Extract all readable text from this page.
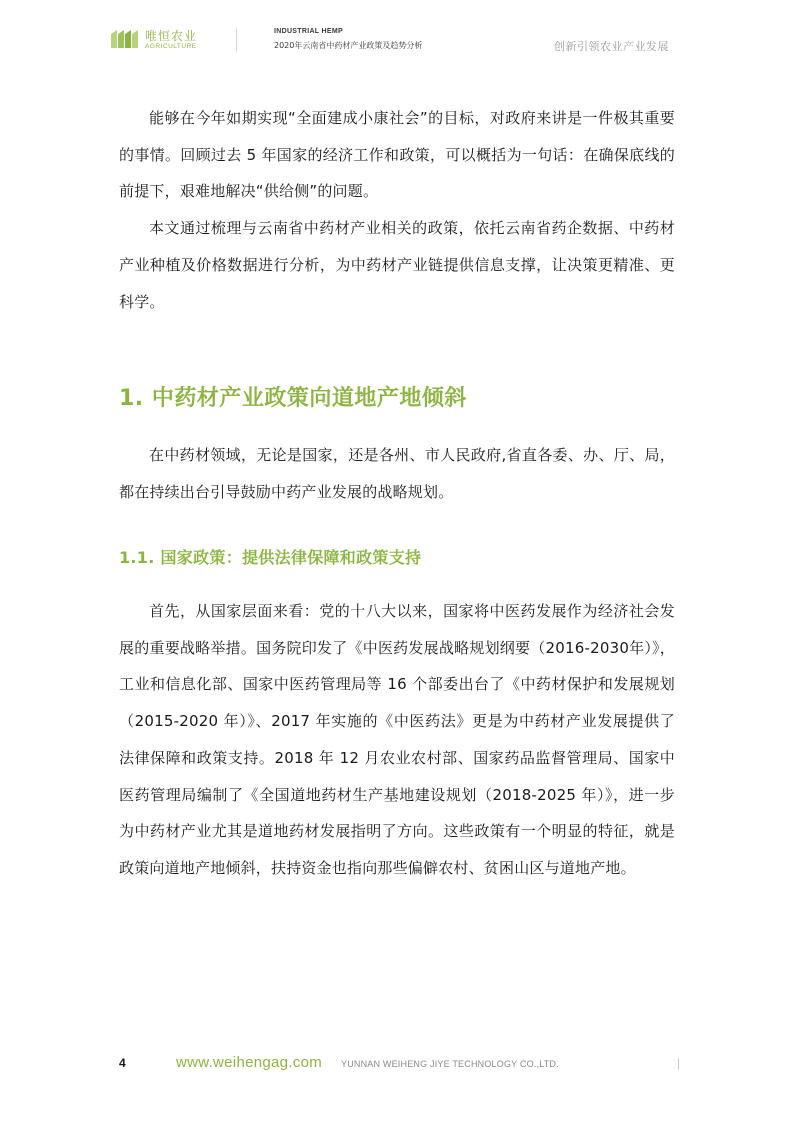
唯恒农业
AGRICULTURE
INDUSTRIAL HEMP
2020年云南省中药材产业政策及趋势分析	创新引领农业产业发展

能够在今年如期实现“全面建成小康社会”的目标，对政府来讲是一件极其重要的事情。回顾过去 5 年国家的经济工作和政策，可以概括为一句话：在确保底线的前提下，艰难地解决“供给侧”的问题。

本文通过梳理与云南省中药材产业相关的政策，依托云南省药企数据、中药材产业种植及价格数据进行分析，为中药材产业链提供信息支撑，让决策更精准、更科学。

1. 中药材产业政策向道地产地倾斜

在中药材领域，无论是国家，还是各州、市人民政府,省直各委、办、厅、局，都在持续出台引导鼓励中药产业发展的战略规划。

1.1. 国家政策：提供法律保障和政策支持

首先，从国家层面来看：党的十八大以来，国家将中医药发展作为经济社会发展的重要战略举措。国务院印发了《中医药发展战略规划纲要（2016-2030年）》，工业和信息化部、国家中医药管理局等 16 个部委出台了《中药材保护和发展规划（2015-2020 年）》、2017 年实施的《中医药法》更是为中药材产业发展提供了法律保障和政策支持。2018 年 12 月农业农村部、国家药品监督管理局、国家中医药管理局编制了《全国道地药材生产基地建设规划（2018-2025 年）》，进一步为中药材产业尤其是道地药材发展指明了方向。这些政策有一个明显的特征，就是政策向道地产地倾斜，扶持资金也指向那些偏僻农村、贫困山区与道地产地。

4	www.weihengag.com YUNNAN WEIHENG JIYE TECHNOLOGY CO.,LTD.
